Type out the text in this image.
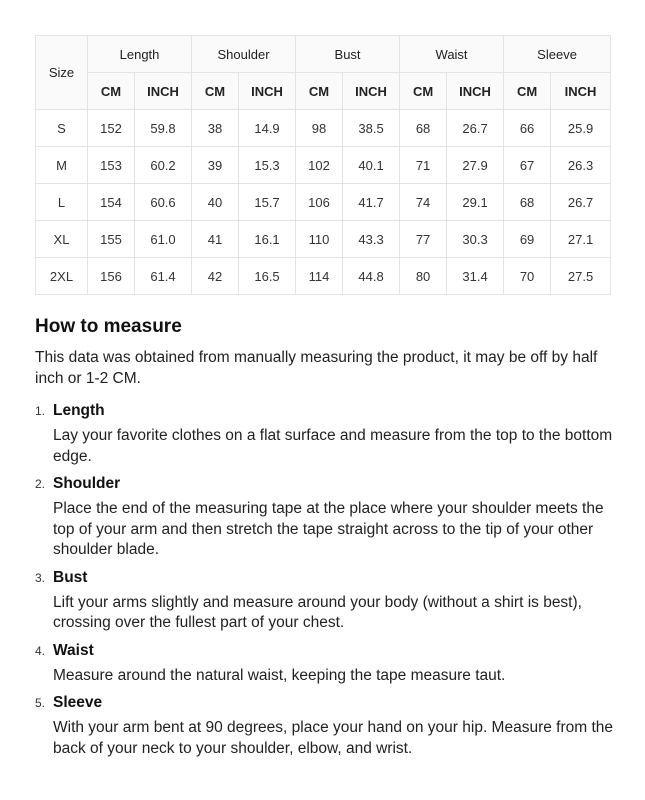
Size	Length		Shoulder		Bust		Waist		Sleeve	
	CM	INCH	CM	INCH	CM	INCH	CM	INCH	CM	INCH
S	152	59.8	38	14.9	98	38.5	68	26.7	66	25.9
M	153	60.2	39	15.3	102	40.1	71	27.9	67	26.3
L	154	60.6	40	15.7	106	41.7	74	29.1	68	26.7
XL	155	61.0	41	16.1	110	43.3	77	30.3	69	27.1
2XL	156	61.4	42	16.5	114	44.8	80	31.4	70	27.5
How to measure

This data was obtained from manually measuring the product, it may be off by half inch or 1-2 CM.

1. Length
Lay your favorite clothes on a flat surface and measure from the top to the bottom edge.
2. Shoulder
Place the end of the measuring tape at the place where your shoulder meets the top of your arm and then stretch the tape straight across to the tip of your other shoulder blade.
3. Bust
Lift your arms slightly and measure around your body (without a shirt is best), crossing over the fullest part of your chest.
4. Waist
Measure around the natural waist, keeping the tape measure taut.
5. Sleeve
With your arm bent at 90 degrees, place your hand on your hip. Measure from the back of your neck to your shoulder, elbow, and wrist.
